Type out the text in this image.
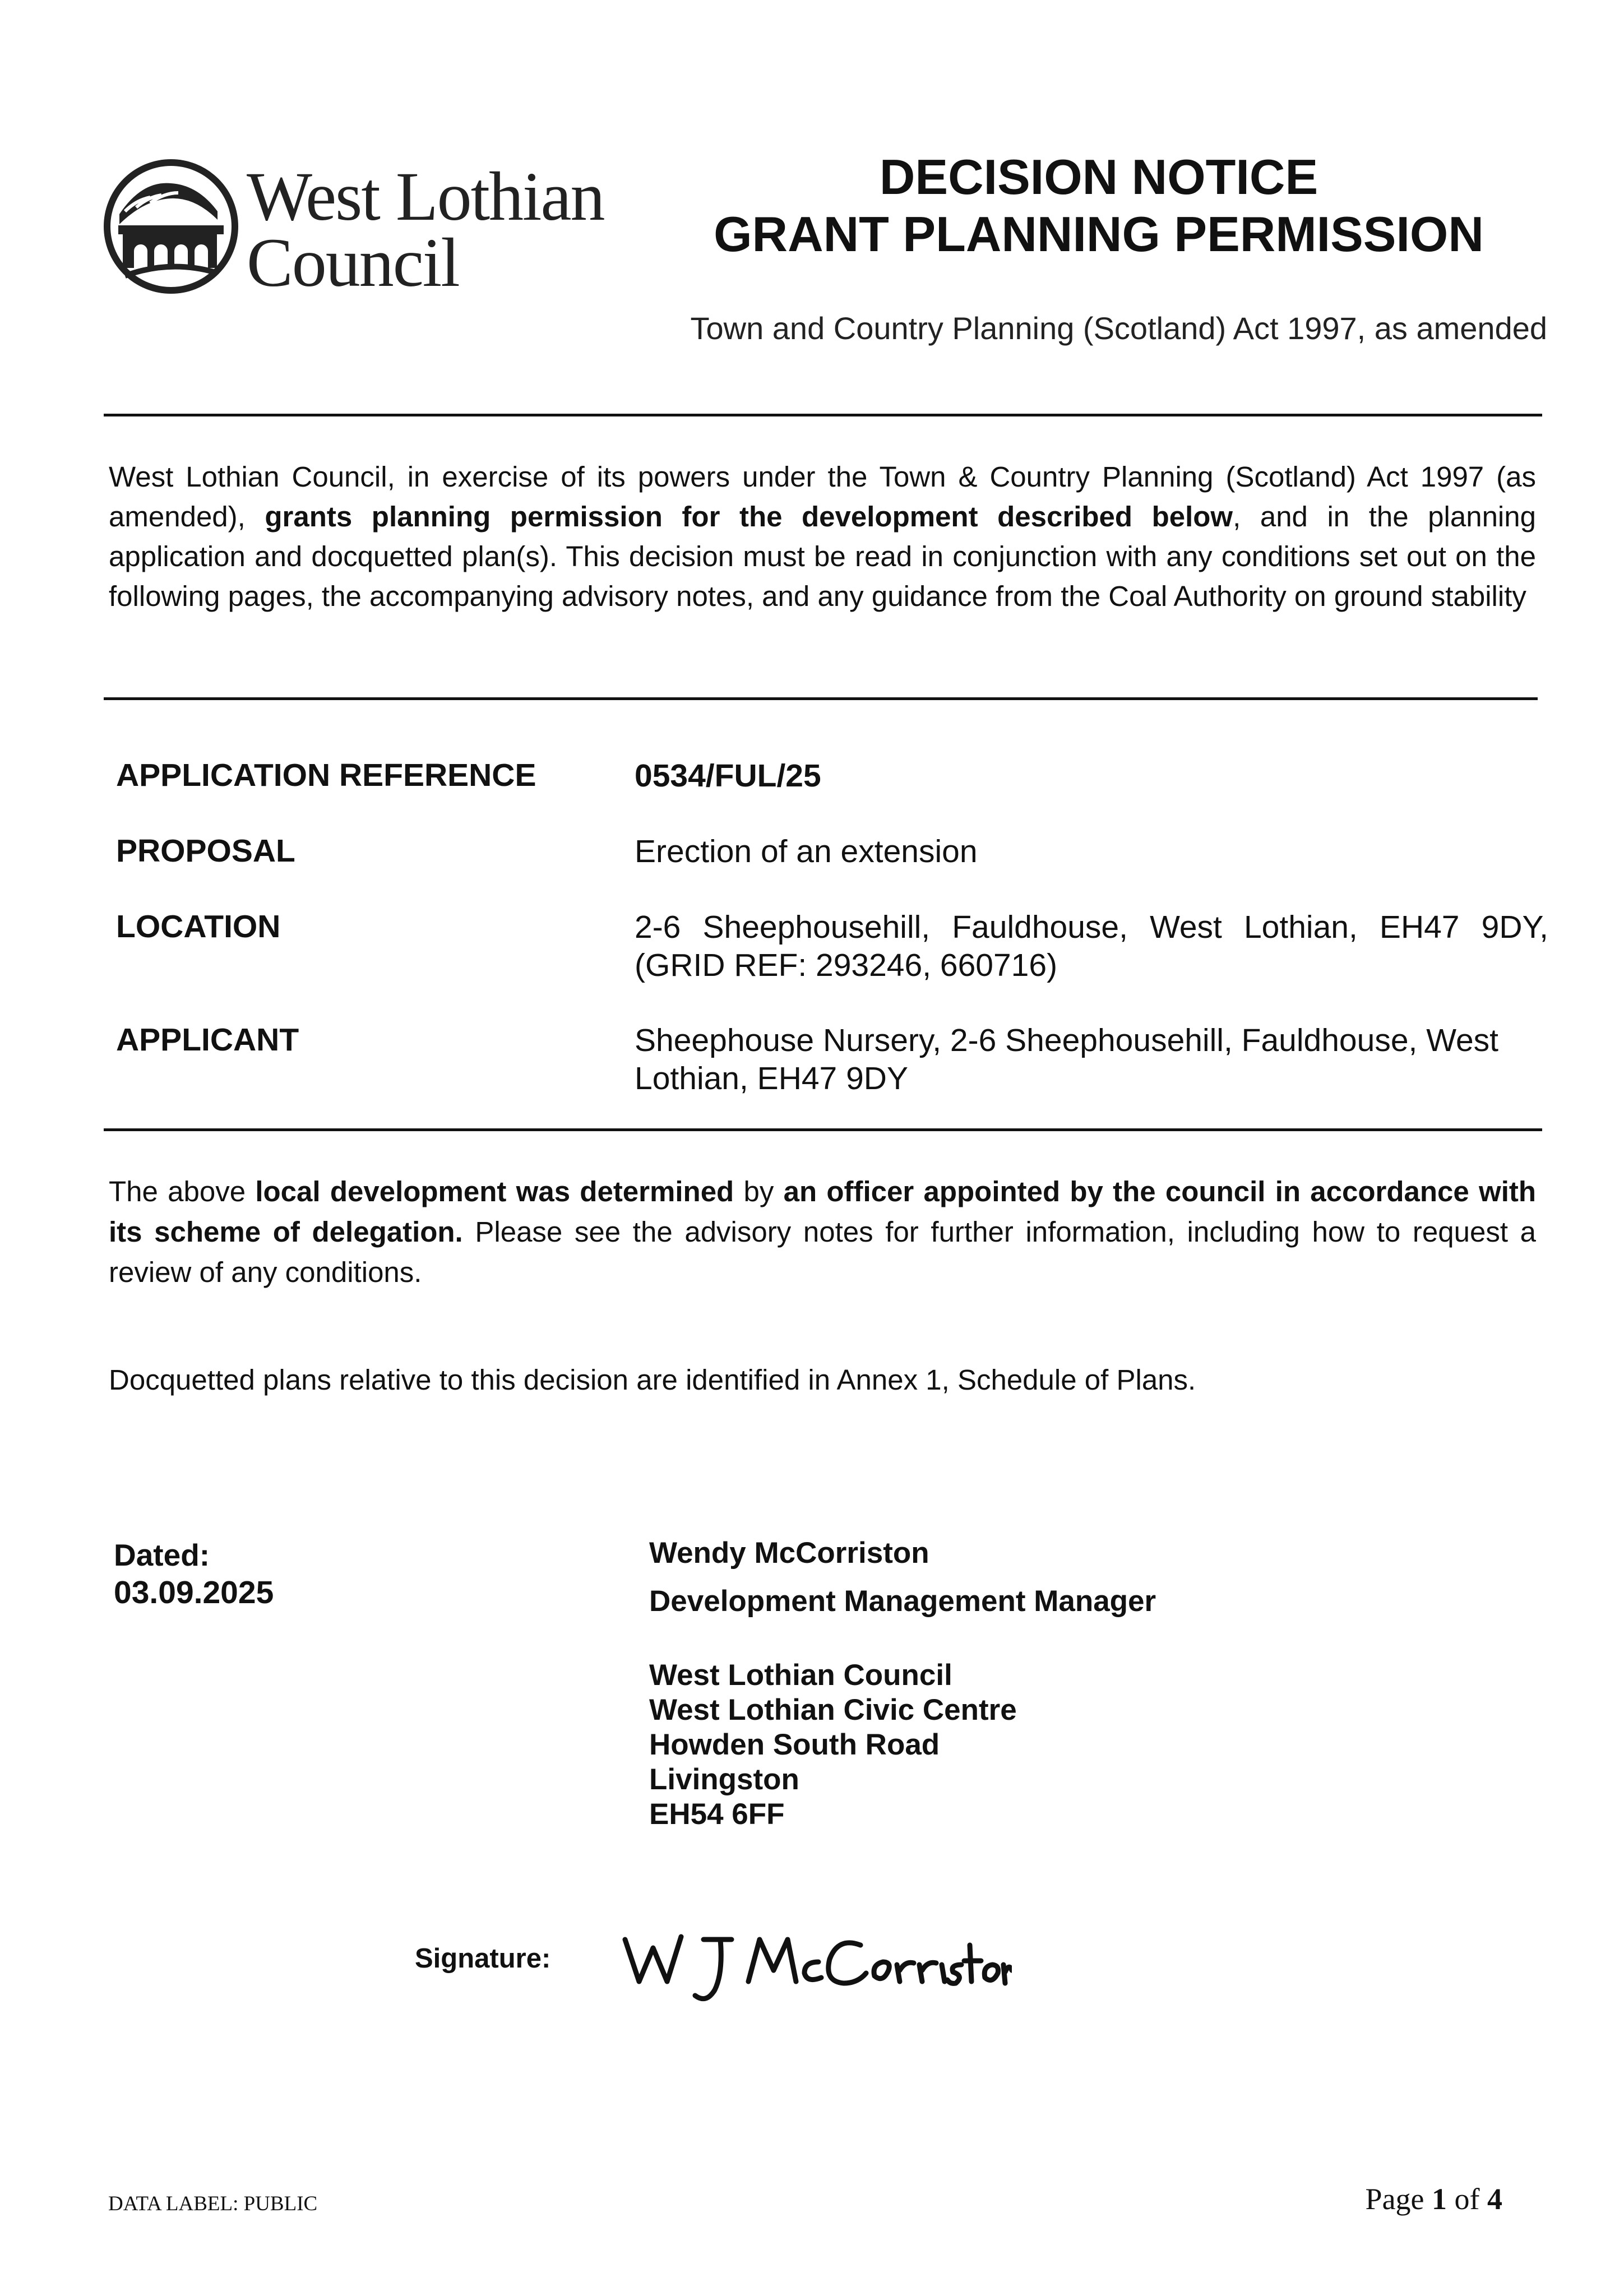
West Lothian
Council
DECISION NOTICE
GRANT PLANNING PERMISSION
Town and Country Planning (Scotland) Act 1997, as amended
West Lothian Council, in exercise of its powers under the Town & Country Planning (Scotland) Act 1997 (as amended), grants planning permission for the development described below, and in the planning application and docquetted plan(s). This decision must be read in conjunction with any conditions set out on the following pages, the accompanying advisory notes, and any guidance from the Coal Authority on ground stability
APPLICATION REFERENCE	0534/FUL/25
PROPOSAL	Erection of an extension
LOCATION	2-6 Sheephousehill, Fauldhouse, West Lothian, EH47 9DY, (GRID REF: 293246, 660716)
APPLICANT	Sheephouse Nursery, 2-6 Sheephousehill, Fauldhouse, West Lothian, EH47 9DY
The above local development was determined by an officer appointed by the council in accordance with its scheme of delegation. Please see the advisory notes for further information, including how to request a review of any conditions.
Docquetted plans relative to this decision are identified in Annex 1, Schedule of Plans.
Dated:
03.09.2025
Wendy McCorriston
Development Management Manager
West Lothian Council
West Lothian Civic Centre
Howden South Road
Livingston
EH54 6FF
Signature:
DATA LABEL: PUBLIC	Page 1 of 4
